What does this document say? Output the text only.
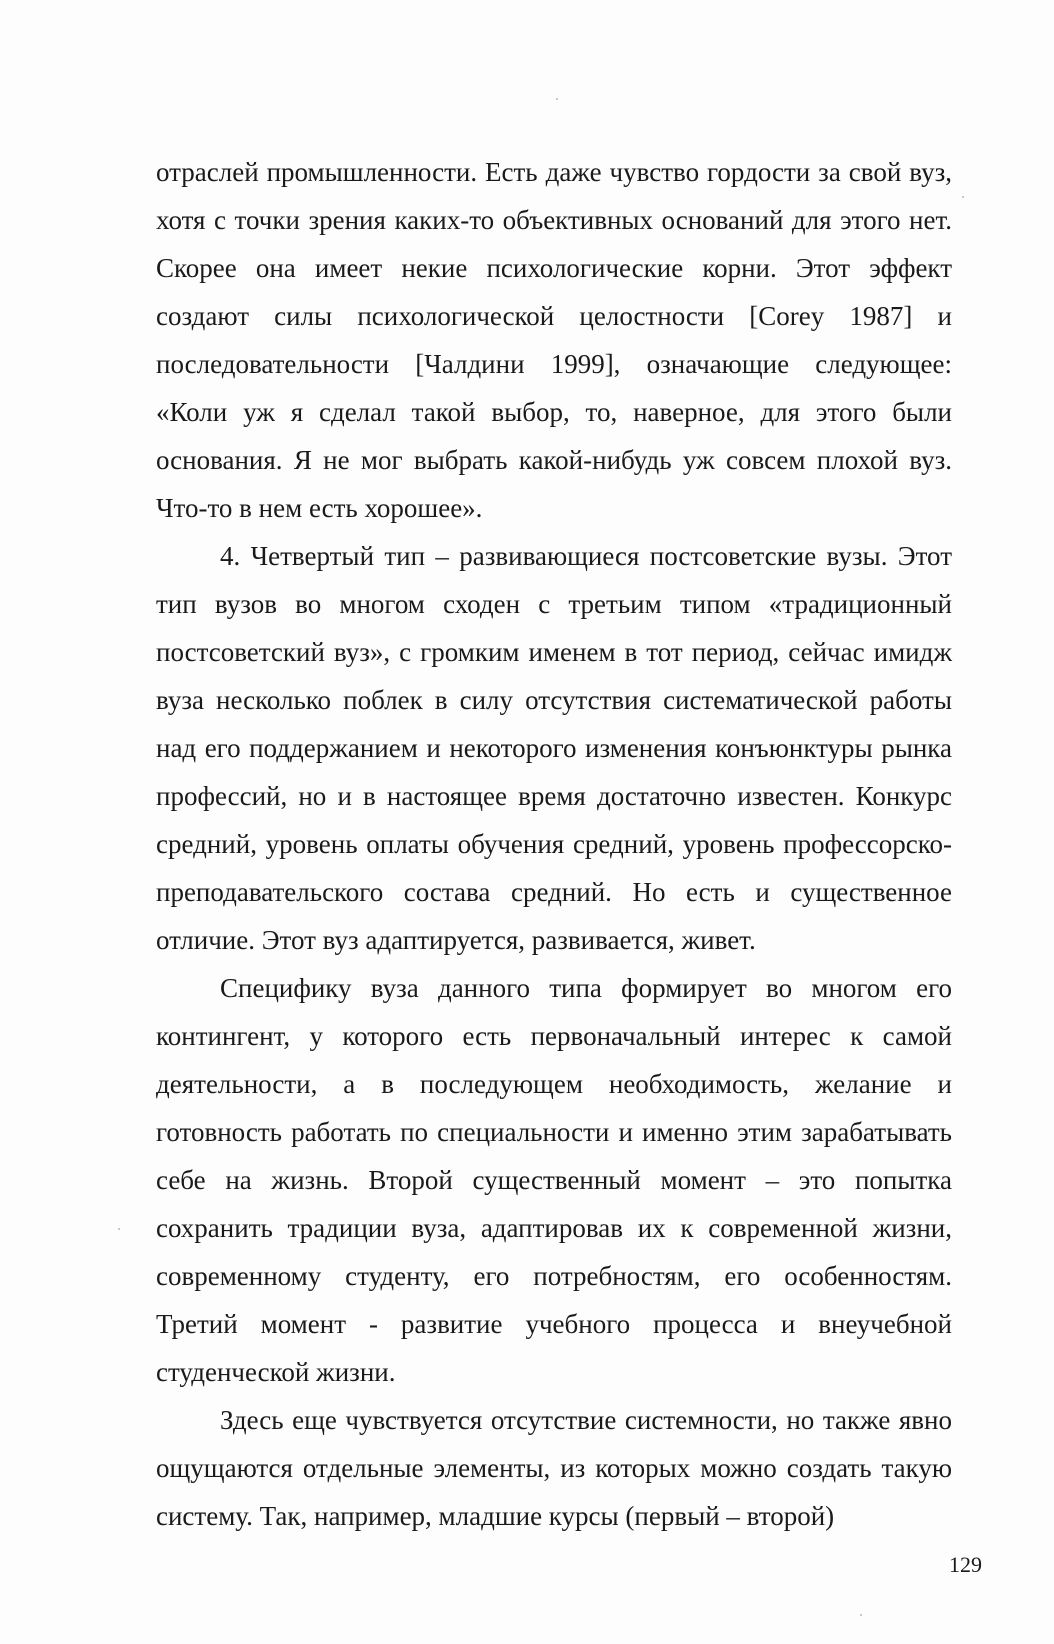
отраслей промышленности. Есть даже чувство гордости за свой вуз, хотя с точки зрения каких-то объективных оснований для этого нет. Скорее она имеет некие психологические корни. Этот эффект создают силы психологической целостности [Corey 1987] и последовательности [Чалдини 1999], означающие следующее: «Коли уж я сделал такой выбор, то, наверное, для этого были основания. Я не мог выбрать какой-нибудь уж совсем плохой вуз. Что-то в нем есть хорошее».

4. Четвертый тип – развивающиеся постсоветские вузы. Этот тип вузов во многом сходен с третьим типом «традиционный постсоветский вуз», с громким именем в тот период, сейчас имидж вуза несколько поблек в силу отсутствия систематической работы над его поддержанием и некоторого изменения конъюнктуры рынка профессий, но и в настоящее время достаточно известен. Конкурс средний, уровень оплаты обучения средний, уровень профессорско-преподавательского состава средний. Но есть и существенное отличие. Этот вуз адаптируется, развивается, живет.

Специфику вуза данного типа формирует во многом его контингент, у которого есть первоначальный интерес к самой деятельности, а в последующем необходимость, желание и готовность работать по специальности и именно этим зарабатывать себе на жизнь. Второй существенный момент – это попытка сохранить традиции вуза, адаптировав их к современной жизни, современному студенту, его потребностям, его особенностям. Третий момент - развитие учебного процесса и внеучебной студенческой жизни.

Здесь еще чувствуется отсутствие системности, но также явно ощущаются отдельные элементы, из которых можно создать такую систему. Так, например, младшие курсы (первый – второй)

129
